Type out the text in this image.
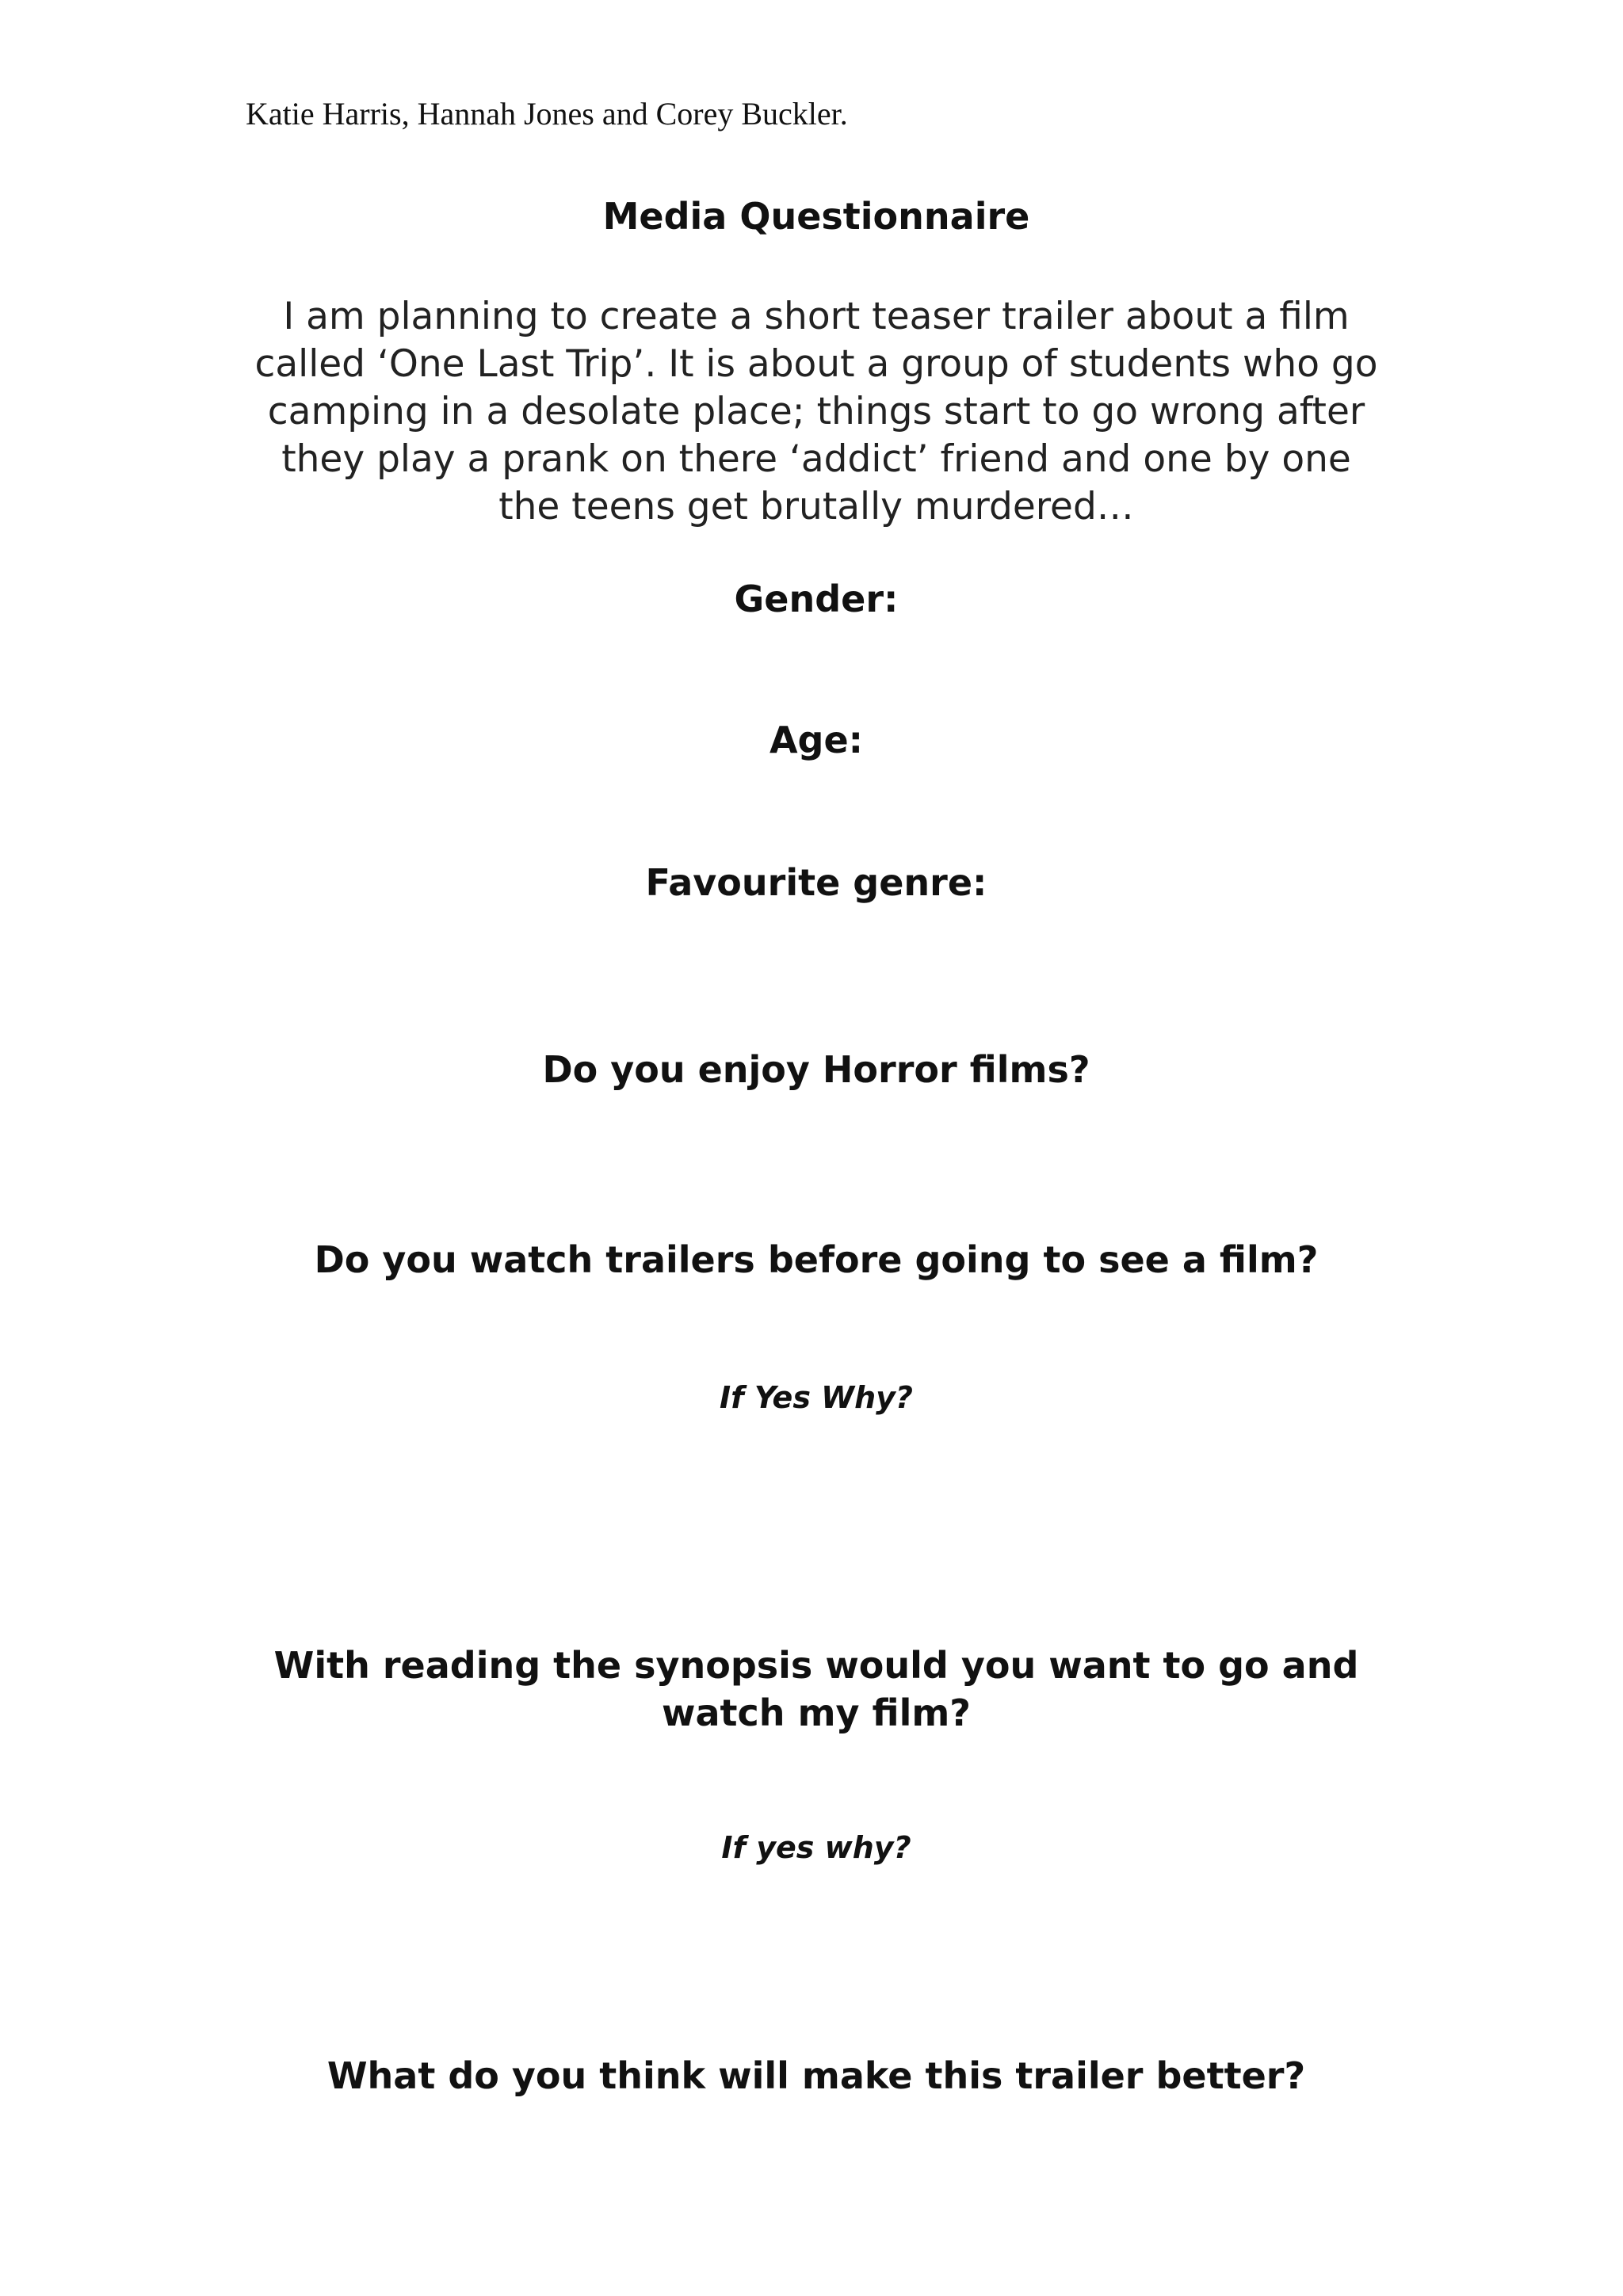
Katie Harris, Hannah Jones and Corey Buckler.
Media Questionnaire
I am planning to create a short teaser trailer about a film called ‘One Last Trip’. It is about a group of students who go camping in a desolate place; things start to go wrong after they play a prank on there ‘addict’ friend and one by one the teens get brutally murdered…
Gender:
Age:
Favourite genre:
Do you enjoy Horror films?
Do you watch trailers before going to see a film?
If Yes Why?
With reading the synopsis would you want to go and watch my film?
If yes why?
What do you think will make this trailer better?
